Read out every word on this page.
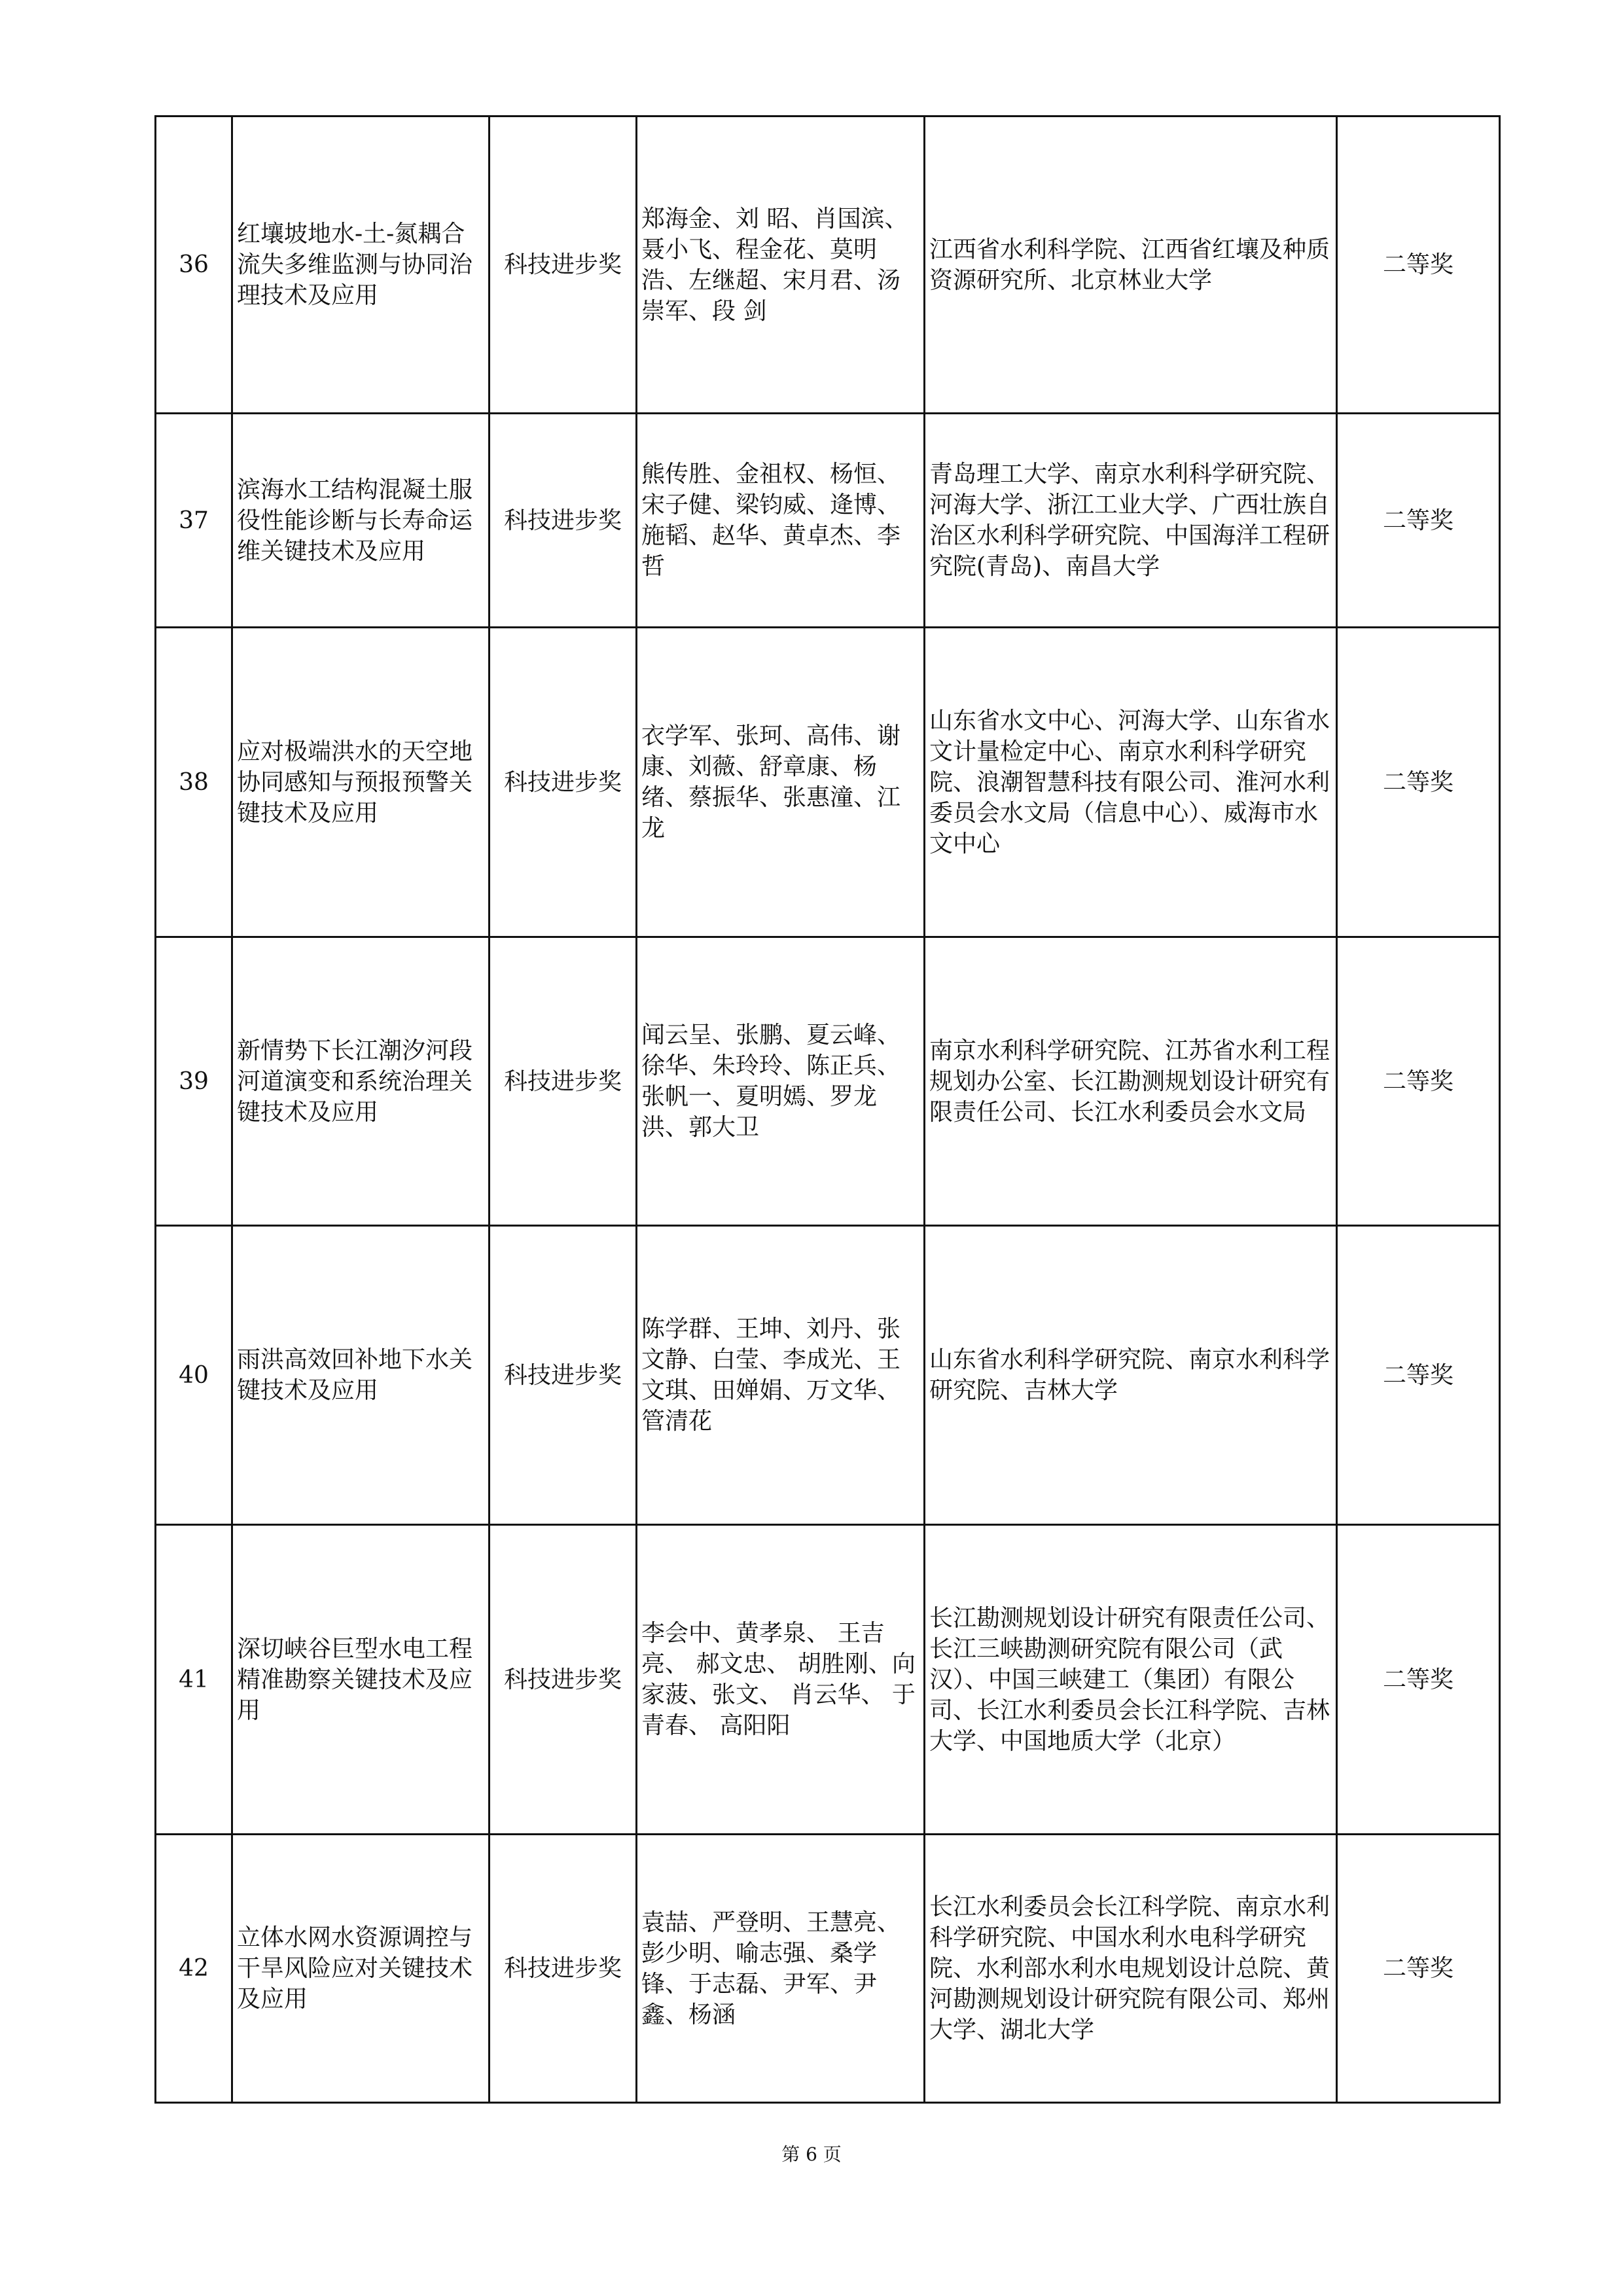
36	红壤坡地水-土-氮耦合流失多维监测与协同治理技术及应用	科技进步奖	郑海金、刘 昭、肖国滨、聂小飞、程金花、莫明浩、左继超、宋月君、汤崇军、段 剑	江西省水利科学院、江西省红壤及种质资源研究所、北京林业大学	二等奖
37	滨海水工结构混凝土服役性能诊断与长寿命运维关键技术及应用	科技进步奖	熊传胜、金祖权、杨恒、宋子健、梁钧威、逄博、施韬、赵华、黄卓杰、李哲	青岛理工大学、南京水利科学研究院、河海大学、浙江工业大学、广西壮族自治区水利科学研究院、中国海洋工程研究院(青岛)、南昌大学	二等奖
38	应对极端洪水的天空地协同感知与预报预警关键技术及应用	科技进步奖	衣学军、张珂、高伟、谢康、刘薇、舒章康、杨绪、蔡振华、张惠潼、江龙	山东省水文中心、河海大学、山东省水文计量检定中心、南京水利科学研究院、浪潮智慧科技有限公司、淮河水利委员会水文局（信息中心）、威海市水文中心	二等奖
39	新情势下长江潮汐河段河道演变和系统治理关键技术及应用	科技进步奖	闻云呈、张鹏、夏云峰、徐华、朱玲玲、陈正兵、张帆一、夏明嫣、罗龙洪、郭大卫	南京水利科学研究院、江苏省水利工程规划办公室、长江勘测规划设计研究有限责任公司、长江水利委员会水文局	二等奖
40	雨洪高效回补地下水关键技术及应用	科技进步奖	陈学群、王坤、刘丹、张文静、白莹、李成光、王文琪、田婵娟、万文华、管清花	山东省水利科学研究院、南京水利科学研究院、吉林大学	二等奖
41	深切峡谷巨型水电工程精准勘察关键技术及应用	科技进步奖	李会中、黄孝泉、 王吉亮、 郝文忠、 胡胜刚、向家菠、张文、 肖云华、 于青春、 高阳阳	长江勘测规划设计研究有限责任公司、长江三峡勘测研究院有限公司（武汉）、中国三峡建工（集团）有限公司、长江水利委员会长江科学院、吉林大学、中国地质大学（北京）	二等奖
42	立体水网水资源调控与干旱风险应对关键技术及应用	科技进步奖	袁喆、严登明、王慧亮、彭少明、喻志强、桑学锋、于志磊、尹军、尹鑫、杨涵	长江水利委员会长江科学院、南京水利科学研究院、中国水利水电科学研究院、水利部水利水电规划设计总院、黄河勘测规划设计研究院有限公司、郑州大学、湖北大学	二等奖
第 6 页
